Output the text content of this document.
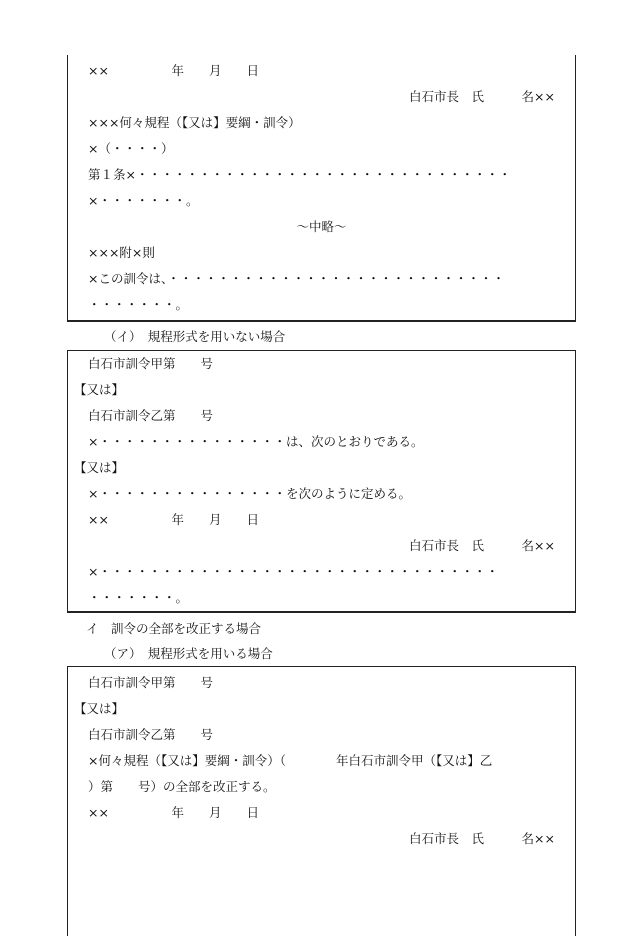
××　　　　　年　　月　　日
白石市長　氏　　　名××
×××何々規程（【又は】要綱・訓令）
×（・・・・）
第１条×・・・・・・・・・・・・・・・・・・・・・・・・・・・・・・
×・・・・・・・。
～中略～
×××附×則
×この訓令は、・・・・・・・・・・・・・・・・・・・・・・・・・・・
・・・・・・・。
（イ）　規程形式を用いない場合
白石市訓令甲第　　号
【又は】
白石市訓令乙第　　号
×・・・・・・・・・・・・・・・は、次のとおりである。
【又は】
×・・・・・・・・・・・・・・・を次のように定める。
××　　　　　年　　月　　日
白石市長　氏　　　名××
×・・・・・・・・・・・・・・・・・・・・・・・・・・・・・・・・
・・・・・・・。
イ　訓令の全部を改正する場合
（ア）　規程形式を用いる場合
白石市訓令甲第　　号
【又は】
白石市訓令乙第　　号
×何々規程（【又は】要綱・訓令）（　　　　年白石市訓令甲（【又は】乙
）第　　号）の全部を改正する。
××　　　　　年　　月　　日
白石市長　氏　　　名××
